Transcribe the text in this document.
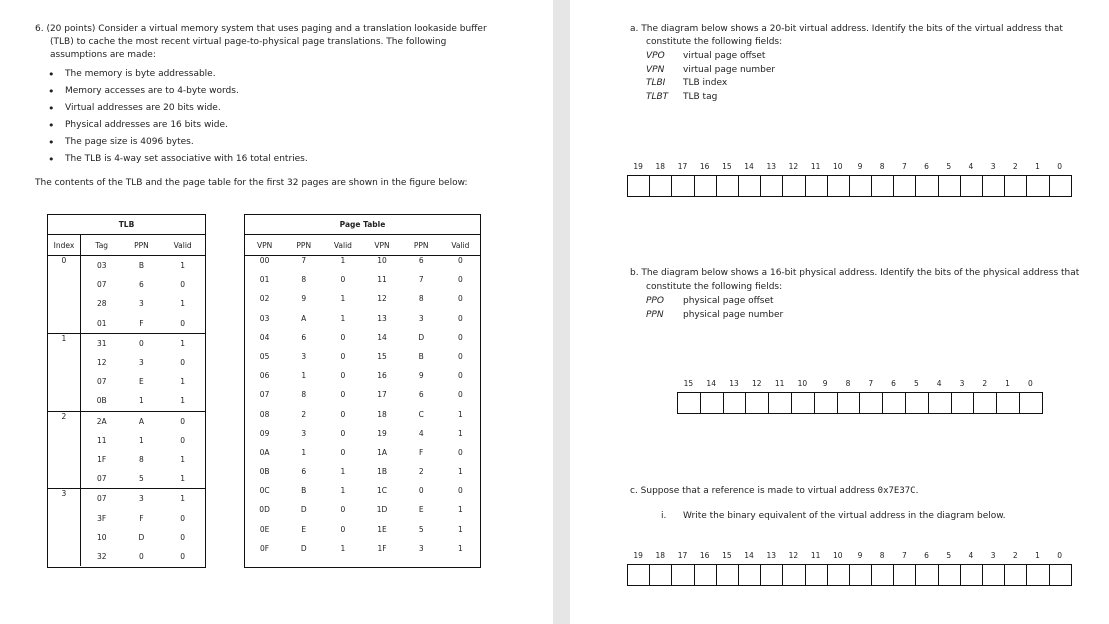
6. (20 points) Consider a virtual memory system that uses paging and a translation lookaside buffer
(TLB) to cache the most recent virtual page-to-physical page translations. The following
assumptions are made:
• The memory is byte addressable.
• Memory accesses are to 4-byte words.
• Virtual addresses are 20 bits wide.
• Physical addresses are 16 bits wide.
• The page size is 4096 bytes.
• The TLB is 4-way set associative with 16 total entries.
The contents of the TLB and the page table for the first 32 pages are shown in the figure below:
TLB			
Index	Tag	PPN	Valid
0	03	B	1
	07	6	0
	28	3	1
	01	F	0
1	31	0	1
	12	3	0
	07	E	1
	0B	1	1
2	2A	A	0
	11	1	0
	1F	8	1
	07	5	1
3	07	3	1
	3F	F	0
	10	D	0
	32	0	0
Page Table					
VPN	PPN	Valid	VPN	PPN	Valid
00	7	1	10	6	0
01	8	0	11	7	0
02	9	1	12	8	0
03	A	1	13	3	0
04	6	0	14	D	0
05	3	0	15	B	0
06	1	0	16	9	0
07	8	0	17	6	0
08	2	0	18	C	1
09	3	0	19	4	1
0A	1	0	1A	F	0
0B	6	1	1B	2	1
0C	B	1	1C	0	0
0D	D	0	1D	E	1
0E	E	0	1E	5	1
0F	D	1	1F	3	1
a. The diagram below shows a 20-bit virtual address. Identify the bits of the virtual address that
constitute the following fields:
VPO virtual page offset
VPN virtual page number
TLBI TLB index
TLBT TLB tag
19	18	17	16	15	14	13	12	11	10	9	8	7	6	5	4	3	2	1	0
b. The diagram below shows a 16-bit physical address. Identify the bits of the physical address that
constitute the following fields:
PPO physical page offset
PPN physical page number
15	14	13	12	11	10	9	8	7	6	5	4	3	2	1	0
c. Suppose that a reference is made to virtual address 0x7E37C.
i. Write the binary equivalent of the virtual address in the diagram below.
19	18	17	16	15	14	13	12	11	10	9	8	7	6	5	4	3	2	1	0
